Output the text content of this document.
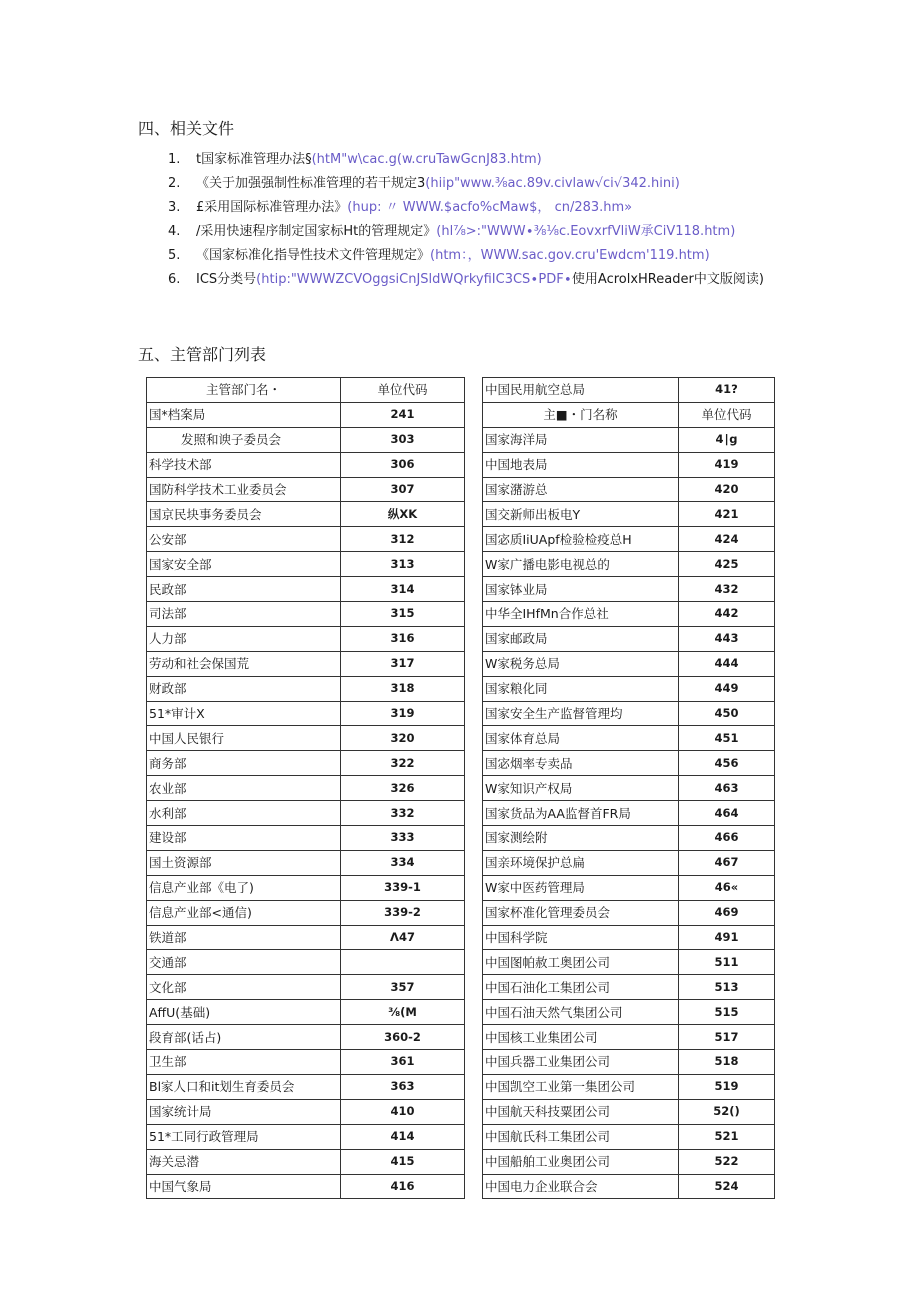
四、相关文件
1. t国家标准管理办法§(htM"w\cac.g(w.cruTawGcnJ83.htm)
2. 《关于加强强制性标准管理的若干规定3(hiip"www.⅜ac.89v.civlaw√ci√342.hini)
3. £采用国际标准管理办法》(hup: 〃 WWW.$acfo%cMaw$， cn/283.hm»
4. /采用快速程序制定国家标Ht的管理规定》(hl⅞>:"WWW∙⅜⅛c.EovxrfVliW承CiV118.htm)
5. 《国家标准化指导性技术文件管理规定》(htm：，WWW.sac.gov.cru'Ewdcm'119.htm)
6. ICS分类号(htip:"WWWZCVOggsiCnJSldWQrkyfiIC3CS∙PDF∙使用AcrolxHReader中文版阅读)
五、主管部门列表
主管部门名・	单位代码
国*档案局	241
发照和谀子委员会	303
科学技术部	306
国防科学技术工业委员会	307
国京民块事务委员会	纵XK
公安部	312
国家安全部	313
民政部	314
司法部	315
人力部	316
劳动和社会保国荒	317
财政部	318
51*审计X	319
中国人民银行	320
商务部	322
农业部	326
水利部	332
建设部	333
国土资源部	334
信息产业部《电了)	339-1
信息产业部<通信)	339-2
铁道部	Λ47
交通部	
文化部	357
AffU(基础)	⅜(M
段育部(话占)	360-2
卫生部	361
Bl家人口和it划生育委员会	363
国家统计局	410
51*工同行政管理局	414
海关忌潜	415
中国气象局	416
中国民用航空总局	41?
主■・门名称	单位代码
国家海洋局	4∣g
中国地表局	419
国家潴游总	420
国交新师出板电Y	421
国宓质IiUApf检验检疫总H	424
W家广播电影电视总的	425
国家钵业局	432
中华全IHfMn合作总社	442
国家邮政局	443
W家税务总局	444
国家粮化同	449
国家安全生产监督管理均	450
国家体育总局	451
国宓烟率专卖品	456
W家知识产权局	463
国家货品为AA监督首FR局	464
国家测绘附	466
国亲环境保护总扁	467
W家中医药管理局	46«
国家杯准化管理委员会	469
中国科学院	491
中国图帕赦工奥团公司	511
中国石油化工集团公司	513
中国石油天然气集团公司	515
中国核工业集团公司	517
中国兵器工业集团公司	518
中国凯空工业第一集团公司	519
中国航天科技粟团公司	52()
中国航氏科工集团公司	521
中国船舶工业奥团公司	522
中国电力企业联合会	524
